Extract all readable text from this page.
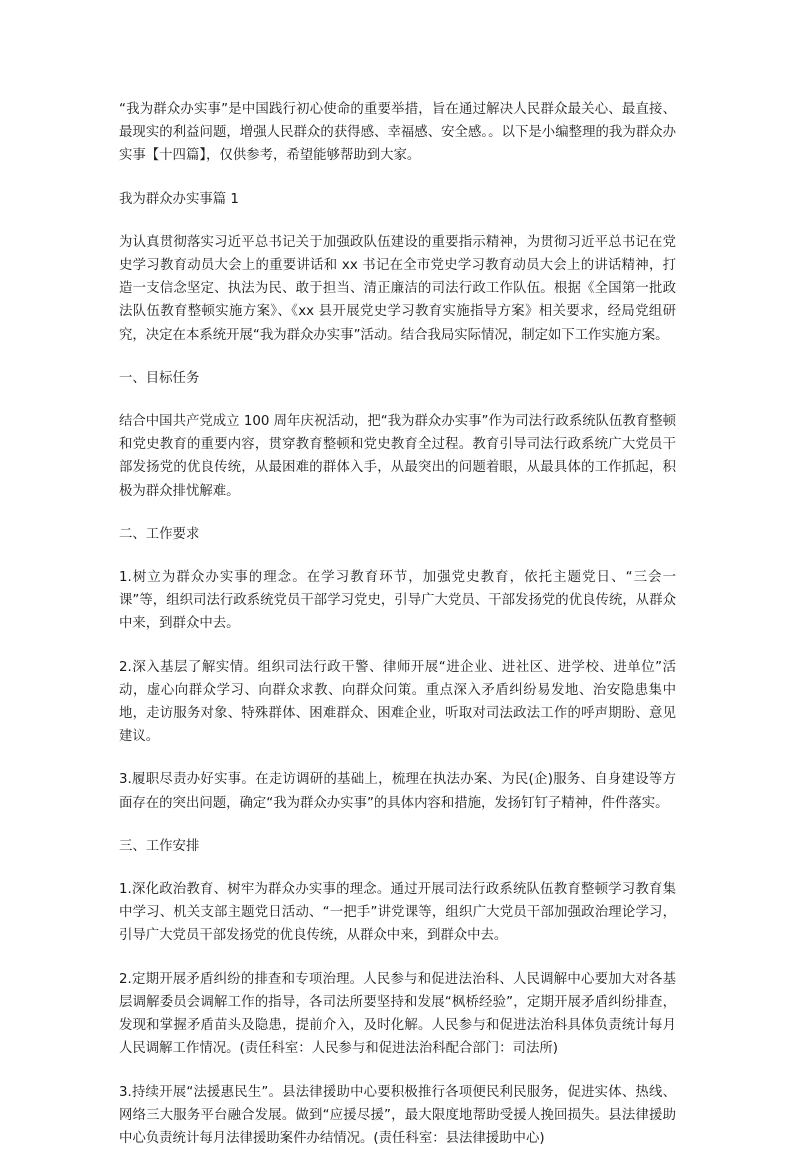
“我为群众办实事”是中国践行初心使命的重要举措，旨在通过解决人民群众最关心、最直接、最现实的利益问题，增强人民群众的获得感、幸福感、安全感。。以下是小编整理的我为群众办实事【十四篇】，仅供参考，希望能够帮助到大家。

我为群众办实事篇 1

为认真贯彻落实习近平总书记关于加强政队伍建设的重要指示精神，为贯彻习近平总书记在党史学习教育动员大会上的重要讲话和 xx 书记在全市党史学习教育动员大会上的讲话精神，打造一支信念坚定、执法为民、敢于担当、清正廉洁的司法行政工作队伍。根据《全国第一批政法队伍教育整顿实施方案》、《xx 县开展党史学习教育实施指导方案》相关要求，经局党组研究，决定在本系统开展“我为群众办实事”活动。结合我局实际情况，制定如下工作实施方案。

一、目标任务

结合中国共产党成立 100 周年庆祝活动，把“我为群众办实事”作为司法行政系统队伍教育整顿和党史教育的重要内容，贯穿教育整顿和党史教育全过程。教育引导司法行政系统广大党员干部发扬党的优良传统，从最困难的群体入手，从最突出的问题着眼，从最具体的工作抓起，积极为群众排忧解难。

二、工作要求

1.树立为群众办实事的理念。在学习教育环节，加强党史教育，依托主题党日、“三会一课”等，组织司法行政系统党员干部学习党史，引导广大党员、干部发扬党的优良传统，从群众中来，到群众中去。

2.深入基层了解实情。组织司法行政干警、律师开展“进企业、进社区、进学校、进单位”活动，虚心向群众学习、向群众求教、向群众问策。重点深入矛盾纠纷易发地、治安隐患集中地，走访服务对象、特殊群体、困难群众、困难企业，听取对司法政法工作的呼声期盼、意见建议。

3.履职尽责办好实事。在走访调研的基础上，梳理在执法办案、为民(企)服务、自身建设等方面存在的突出问题，确定“我为群众办实事”的具体内容和措施，发扬钉钉子精神，件件落实。

三、工作安排

1.深化政治教育、树牢为群众办实事的理念。通过开展司法行政系统队伍教育整顿学习教育集中学习、机关支部主题党日活动、“一把手”讲党课等，组织广大党员干部加强政治理论学习，引导广大党员干部发扬党的优良传统，从群众中来，到群众中去。

2.定期开展矛盾纠纷的排查和专项治理。人民参与和促进法治科、人民调解中心要加大对各基层调解委员会调解工作的指导，各司法所要坚持和发展“枫桥经验”，定期开展矛盾纠纷排查，发现和掌握矛盾苗头及隐患，提前介入，及时化解。人民参与和促进法治科具体负责统计每月人民调解工作情况。(责任科室：人民参与和促进法治科配合部门：司法所)

3.持续开展“法援惠民生”。县法律援助中心要积极推行各项便民利民服务，促进实体、热线、网络三大服务平台融合发展。做到“应援尽援”，最大限度地帮助受援人挽回损失。县法律援助中心负责统计每月法律援助案件办结情况。(责任科室：县法律援助中心)
